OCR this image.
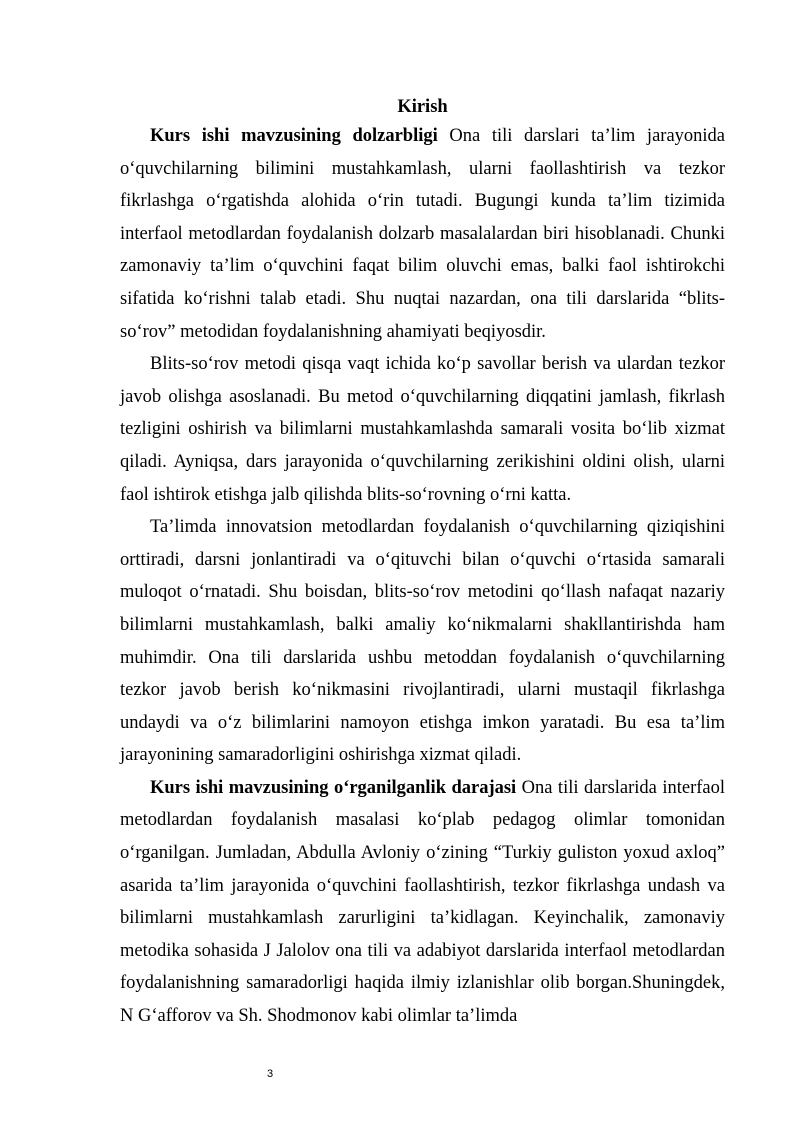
Kirish

Kurs ishi mavzusining dolzarbligi Ona tili darslari ta’lim jarayonida o‘quvchilarning bilimini mustahkamlash, ularni faollashtirish va tezkor fikrlashga o‘rgatishda alohida o‘rin tutadi. Bugungi kunda ta’lim tizimida interfaol metodlardan foydalanish dolzarb masalalardan biri hisoblanadi. Chunki zamonaviy ta’lim o‘quvchini faqat bilim oluvchi emas, balki faol ishtirokchi sifatida ko‘rishni talab etadi. Shu nuqtai nazardan, ona tili darslarida “blits-so‘rov” metodidan foydalanishning ahamiyati beqiyosdir.

Blits-so‘rov metodi qisqa vaqt ichida ko‘p savollar berish va ulardan tezkor javob olishga asoslanadi. Bu metod o‘quvchilarning diqqatini jamlash, fikrlash tezligini oshirish va bilimlarni mustahkamlashda samarali vosita bo‘lib xizmat qiladi. Ayniqsa, dars jarayonida o‘quvchilarning zerikishini oldini olish, ularni faol ishtirok etishga jalb qilishda blits-so‘rovning o‘rni katta.

Ta’limda innovatsion metodlardan foydalanish o‘quvchilarning qiziqishini orttiradi, darsni jonlantiradi va o‘qituvchi bilan o‘quvchi o‘rtasida samarali muloqot o‘rnatadi. Shu boisdan, blits-so‘rov metodini qo‘llash nafaqat nazariy bilimlarni mustahkamlash, balki amaliy ko‘nikmalarni shakllantirishda ham muhimdir. Ona tili darslarida ushbu metoddan foydalanish o‘quvchilarning tezkor javob berish ko‘nikmasini rivojlantiradi, ularni mustaqil fikrlashga undaydi va o‘z bilimlarini namoyon etishga imkon yaratadi. Bu esa ta’lim jarayonining samaradorligini oshirishga xizmat qiladi.

Kurs ishi mavzusining o‘rganilganlik darajasi Ona tili darslarida interfaol metodlardan foydalanish masalasi ko‘plab pedagog olimlar tomonidan o‘rganilgan. Jumladan, Abdulla Avloniy o‘zining “Turkiy guliston yoxud axloq” asarida ta’lim jarayonida o‘quvchini faollashtirish, tezkor fikrlashga undash va bilimlarni mustahkamlash zarurligini ta’kidlagan. Keyinchalik, zamonaviy metodika sohasida J Jalolov ona tili va adabiyot darslarida interfaol metodlardan foydalanishning samaradorligi haqida ilmiy izlanishlar olib borgan.Shuningdek, N G‘afforov va Sh. Shodmonov kabi olimlar ta’limda

3
